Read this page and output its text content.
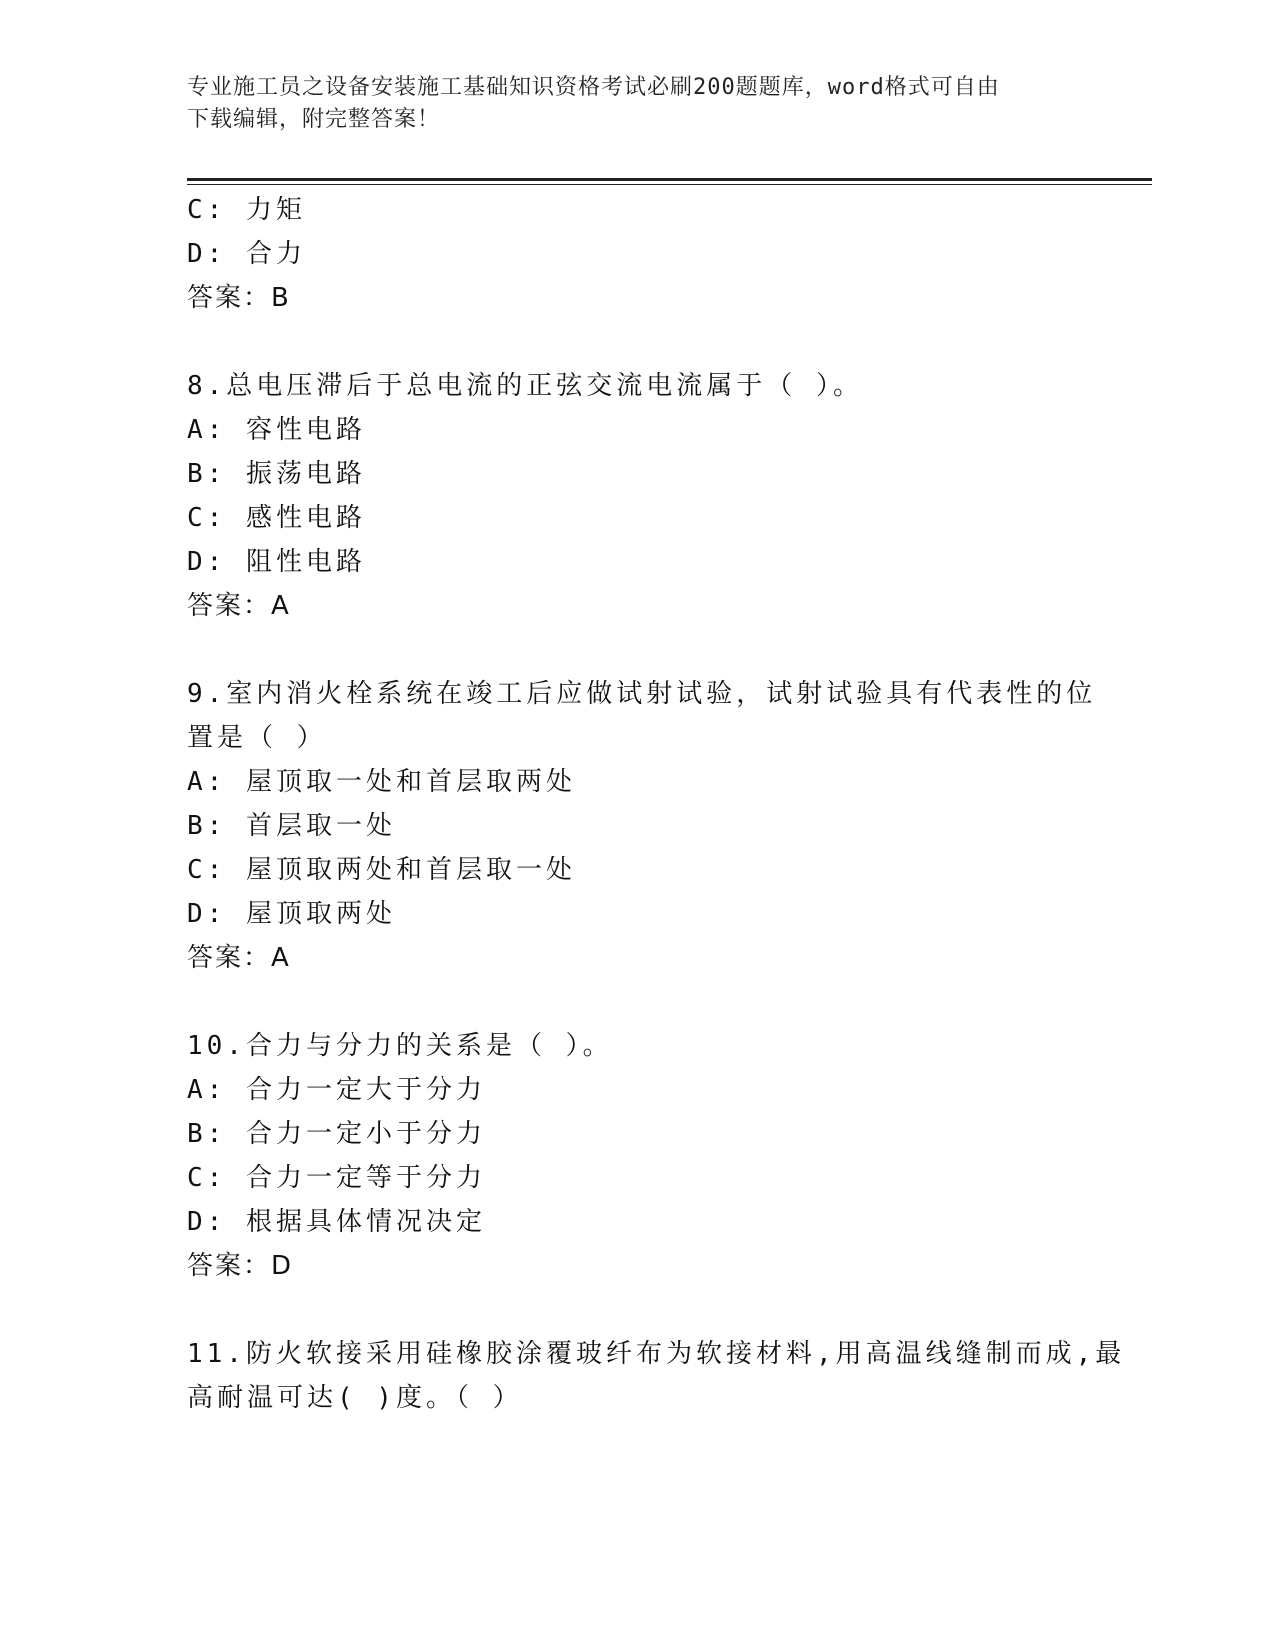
专业施工员之设备安装施工基础知识资格考试必刷200题题库，word格式可自由
下载编辑，附完整答案！
C: 力矩
D: 合力
答案：B
8.总电压滞后于总电流的正弦交流电流属于（ ）。
A: 容性电路
B: 振荡电路
C: 感性电路
D: 阻性电路
答案：A
9.室内消火栓系统在竣工后应做试射试验，试射试验具有代表性的位
置是（ ）
A: 屋顶取一处和首层取两处
B: 首层取一处
C: 屋顶取两处和首层取一处
D: 屋顶取两处
答案：A
10.合力与分力的关系是（ ）。
A: 合力一定大于分力
B: 合力一定小于分力
C: 合力一定等于分力
D: 根据具体情况决定
答案：D
11.防火软接采用硅橡胶涂覆玻纤布为软接材料,用高温线缝制而成,最
高耐温可达( )度。（ ）
